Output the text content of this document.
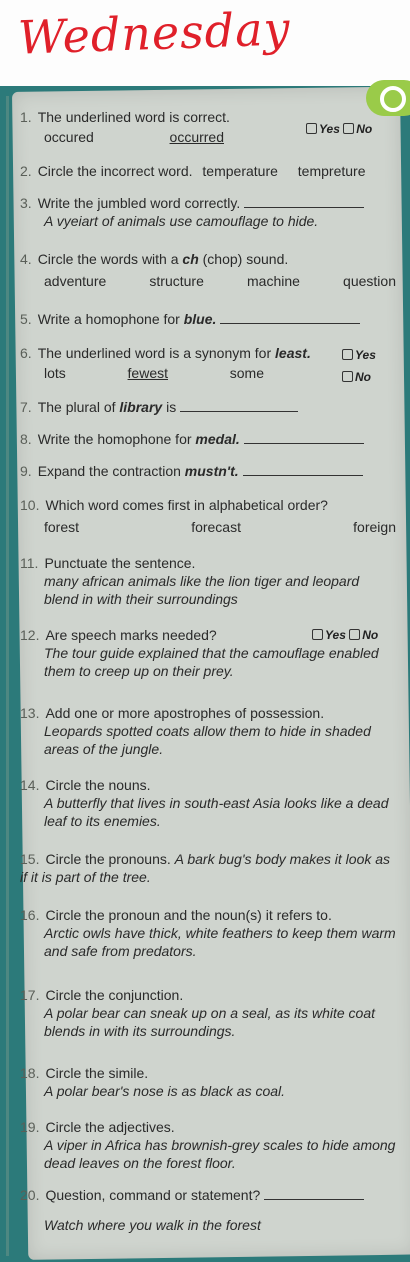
Wednesday
1. The underlined word is correct.
occured	occurred	Yes No
2. Circle the incorrect word. temperature tempreture
3. Write the jumbled word correctly.
A vyeiart of animals use camouflage to hide.
4. Circle the words with a ch (chop) sound.
adventure	structure	machine	question
5. Write a homophone for blue.
6. The underlined word is a synonym for least.
lots	fewest	some
Yes
No
7. The plural of library is
8. Write the homophone for medal.
9. Expand the contraction mustn't.
10. Which word comes first in alphabetical order?
forest	forecast	foreign
11. Punctuate the sentence.
many african animals like the lion tiger and leopard blend in with their surroundings
12. Are speech marks needed?
The tour guide explained that the camouflage enabled them to creep up on their prey.
Yes No
13. Add one or more apostrophes of possession.
Leopards spotted coats allow them to hide in shaded areas of the jungle.
14. Circle the nouns.
A butterfly that lives in south-east Asia looks like a dead leaf to its enemies.
15. Circle the pronouns. A bark bug's body makes it look as if it is part of the tree.
16. Circle the pronoun and the noun(s) it refers to.
Arctic owls have thick, white feathers to keep them warm and safe from predators.
17. Circle the conjunction.
A polar bear can sneak up on a seal, as its white coat blends in with its surroundings.
18. Circle the simile.
A polar bear's nose is as black as coal.
19. Circle the adjectives.
A viper in Africa has brownish-grey scales to hide among dead leaves on the forest floor.
20. Question, command or statement?
Watch where you walk in the forest
